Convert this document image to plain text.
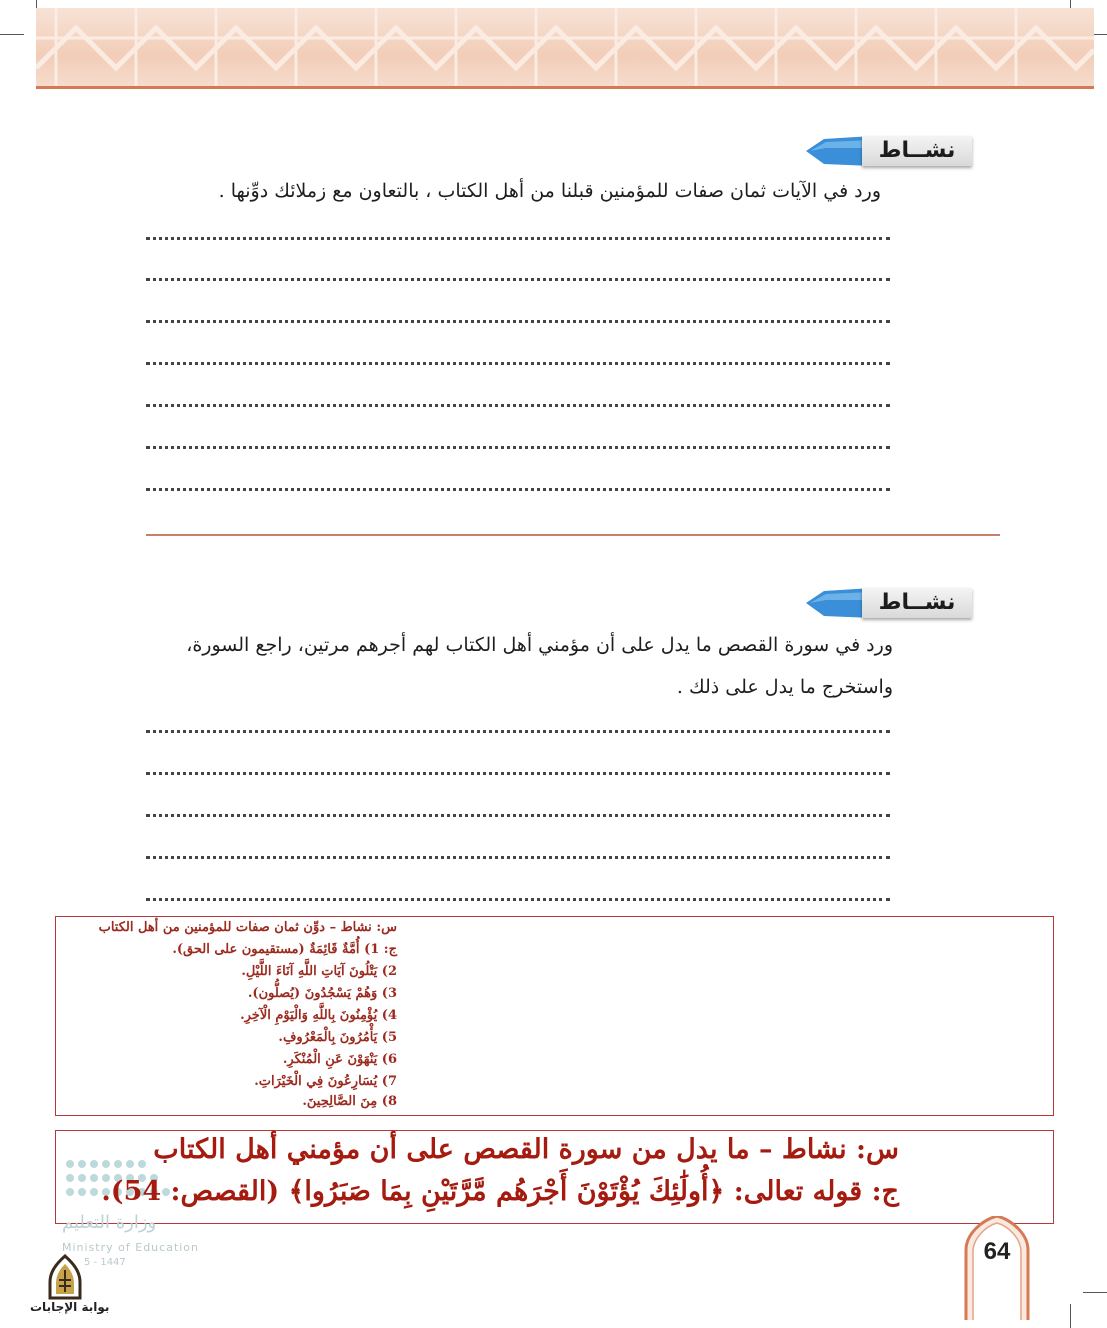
نشــاط
ورد في الآيات ثمان صفات للمؤمنين قبلنا من أهل الكتاب ، بالتعاون مع زملائك دوِّنها .
نشــاط
ورد في سورة القصص ما يدل على أن مؤمني أهل الكتاب لهم أجرهم مرتين، راجع السورة،
واستخرج ما يدل على ذلك .
س: نشاط – دوِّن ثمان صفات للمؤمنين من أهل الكتاب
ج: 1) أُمَّةٌ قَائِمَةٌ (مستقيمون على الحق).
2) يَتْلُونَ آيَاتِ اللَّهِ آنَاءَ اللَّيْلِ.
3) وَهُمْ يَسْجُدُونَ (يُصلُّون).
4) يُؤْمِنُونَ بِاللَّهِ وَالْيَوْمِ الْآخِرِ.
5) يَأْمُرُونَ بِالْمَعْرُوفِ.
6) يَنْهَوْنَ عَنِ الْمُنْكَرِ.
7) يُسَارِعُونَ فِي الْخَيْرَاتِ.
8) مِنَ الصَّالِحِينَ.
وزارة التعليم
Ministry of Education
5 - 1447
س: نشاط – ما يدل من سورة القصص على أن مؤمني أهل الكتاب
ج: قوله تعالى: ﴿أُولَٰئِكَ يُؤْتَوْنَ أَجْرَهُم مَّرَّتَيْنِ بِمَا صَبَرُوا﴾ (القصص: 54).
بوابة الإجابات
64
